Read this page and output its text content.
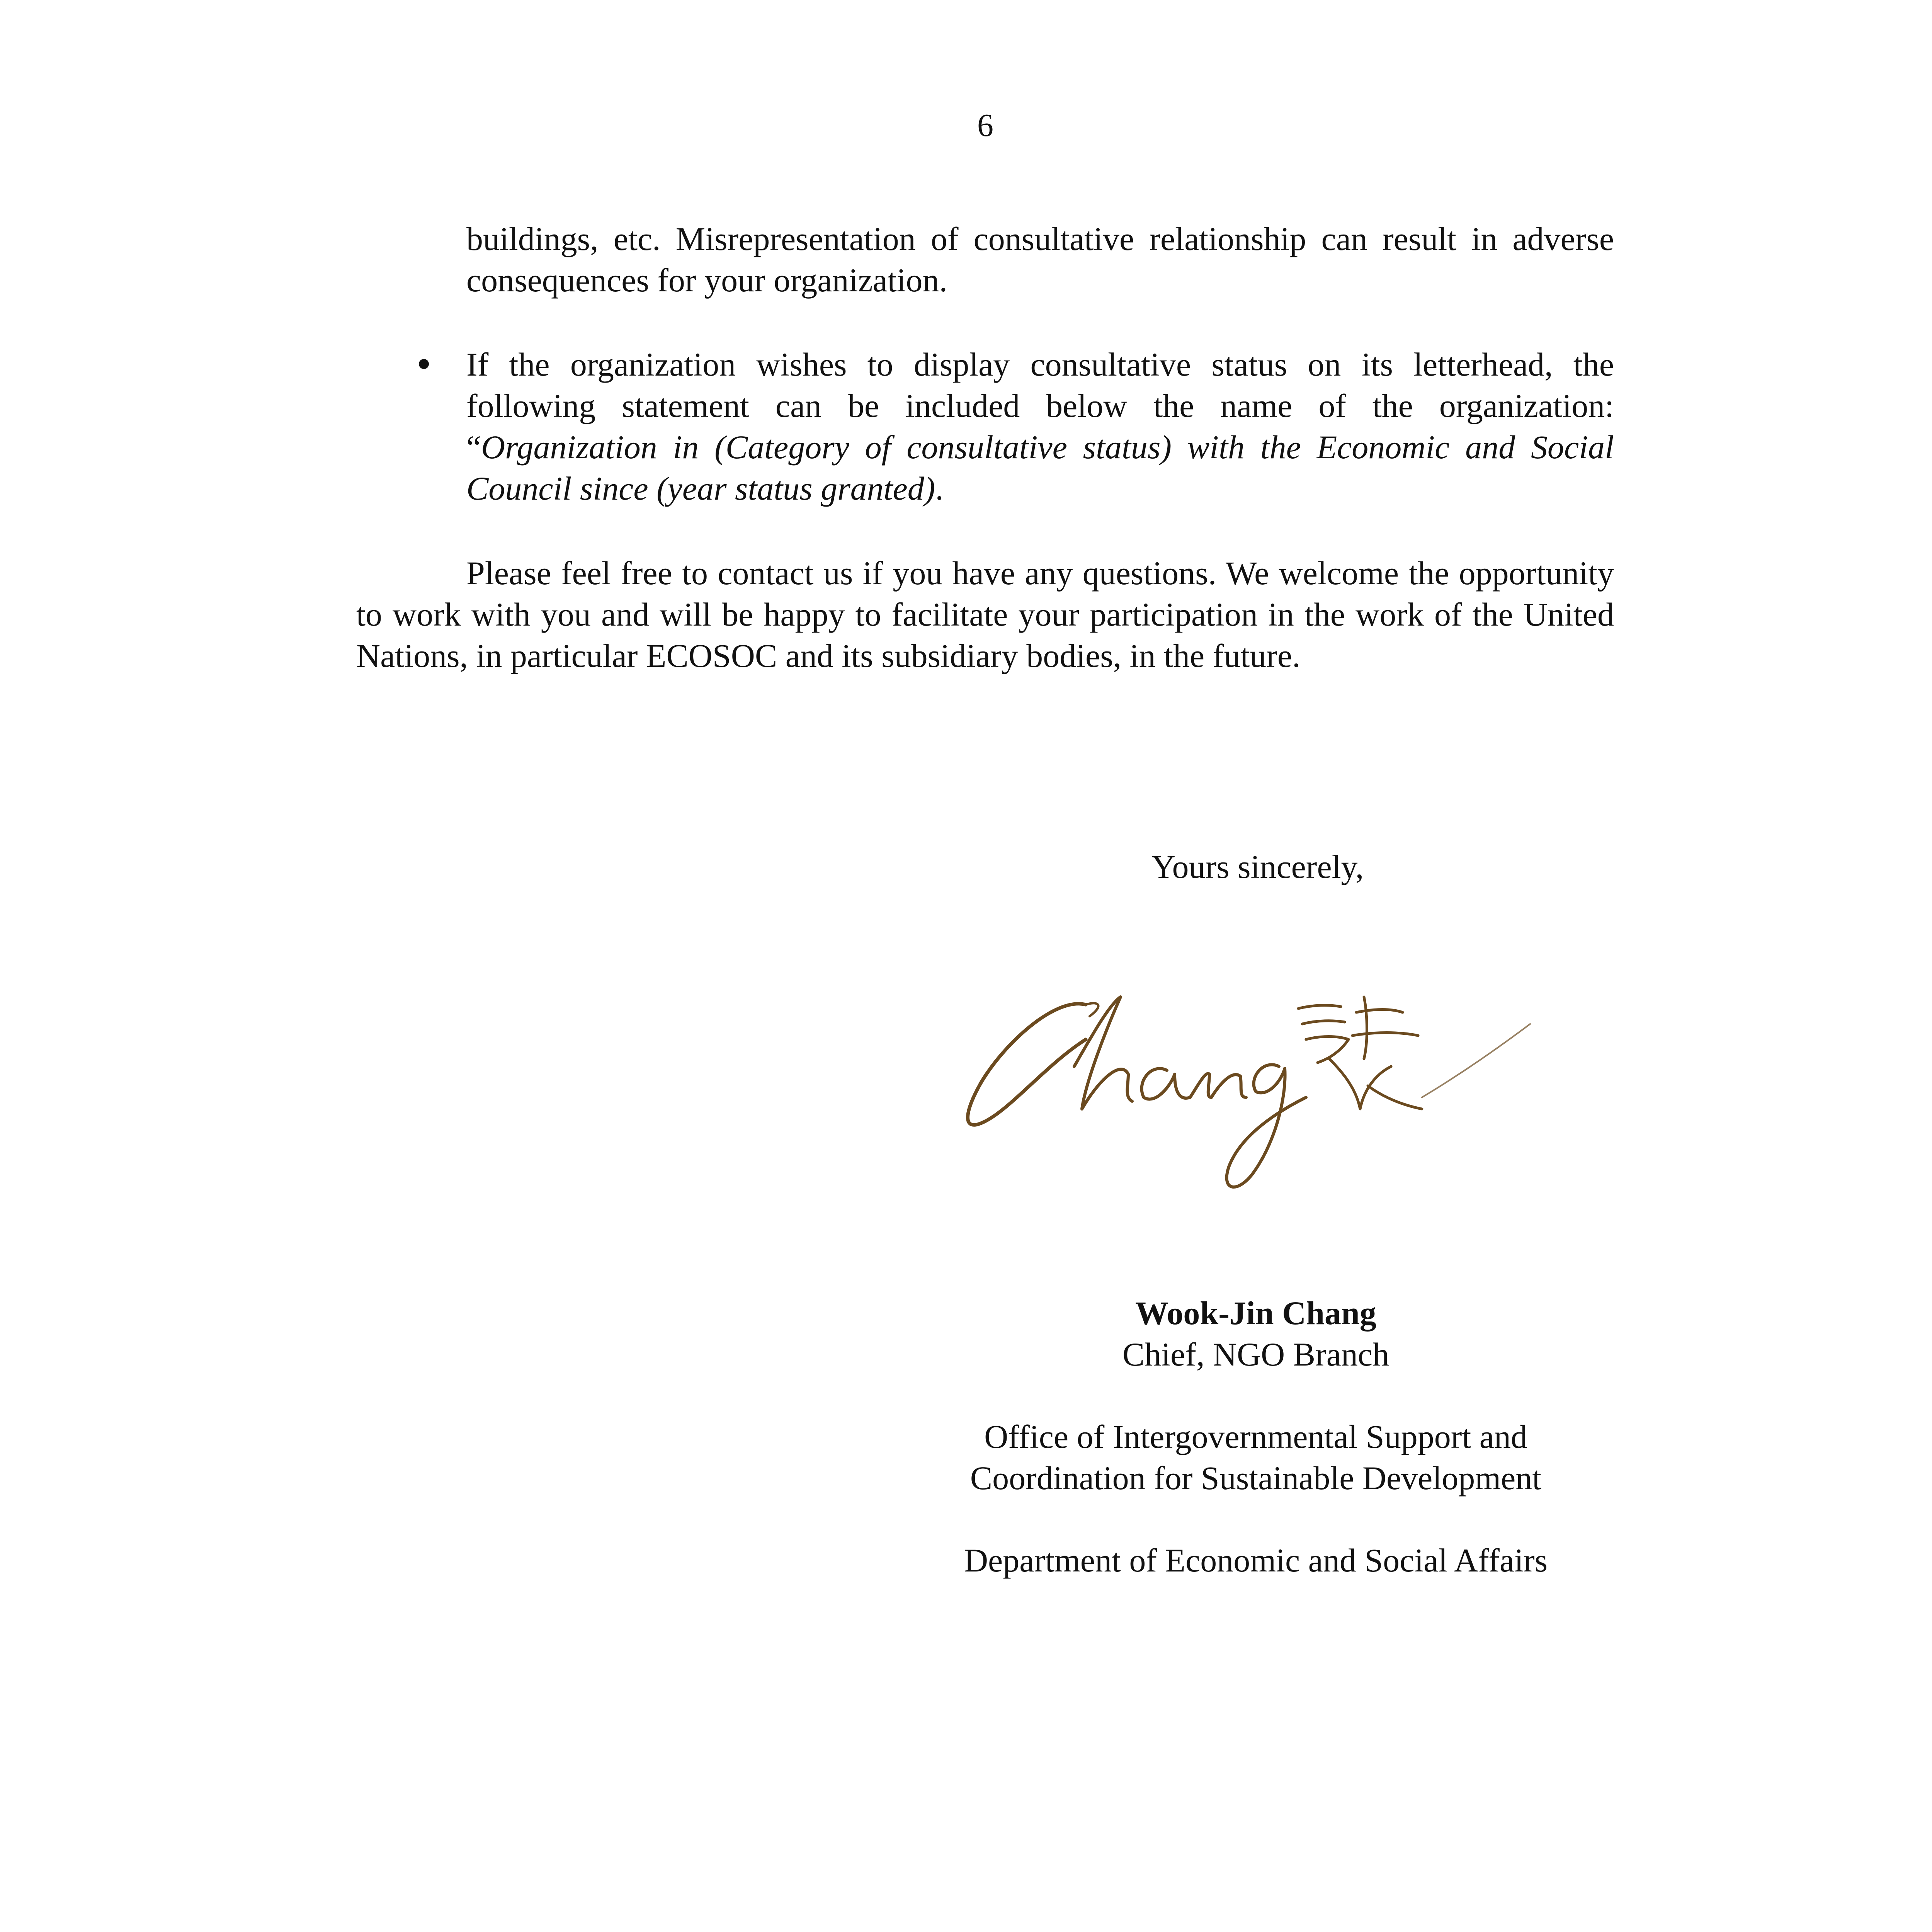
6

buildings, etc. Misrepresentation of consultative relationship can result in adverse consequences for your organization.

If the organization wishes to display consultative status on its letterhead, the following statement can be included below the name of the organization: “Organization in (Category of consultative status) with the Economic and Social Council since (year status granted).

Please feel free to contact us if you have any questions. We welcome the opportunity to work with you and will be happy to facilitate your participation in the work of the United Nations, in particular ECOSOC and its subsidiary bodies, in the future.

Yours sincerely,
Wook-Jin Chang
Chief, NGO Branch
Office of Intergovernmental Support and
Coordination for Sustainable Development
Department of Economic and Social Affairs
